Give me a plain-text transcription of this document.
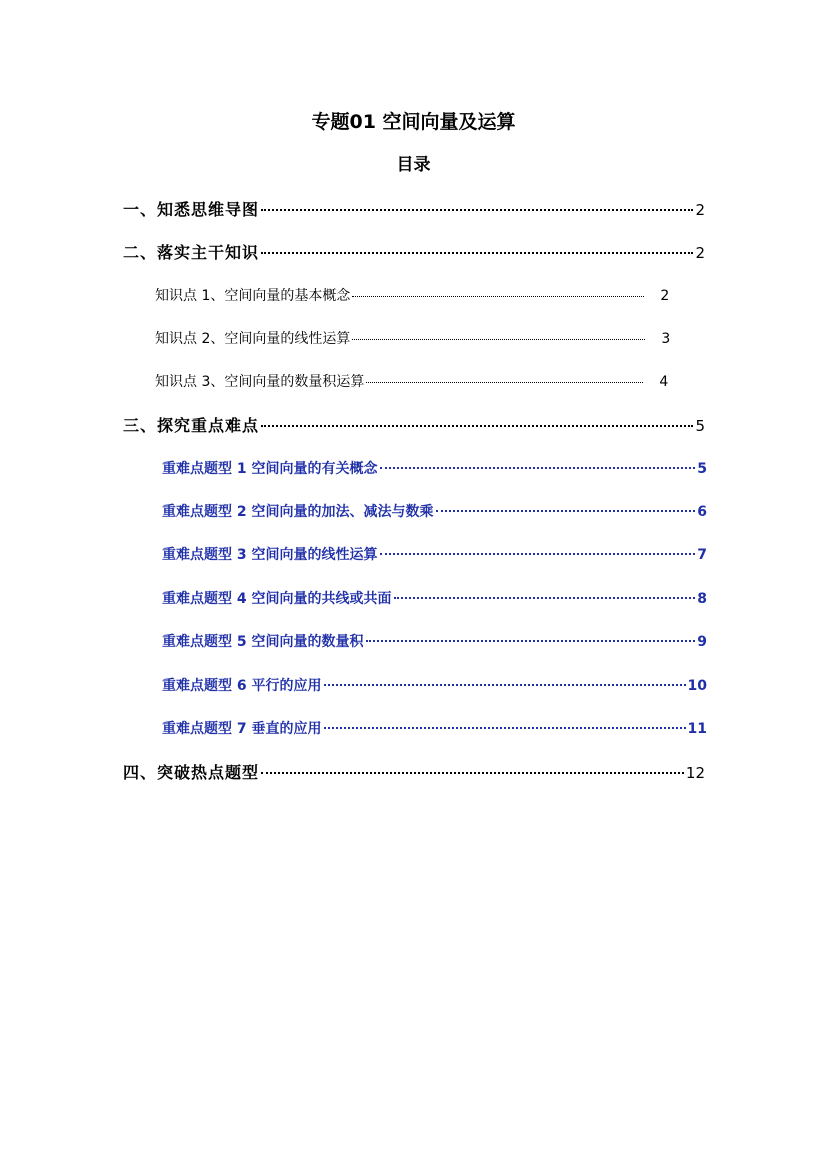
专题01 空间向量及运算
目录
一、知悉思维导图	2
二、落实主干知识	2
知识点 1、空间向量的基本概念	2
知识点 2、空间向量的线性运算	3
知识点 3、空间向量的数量积运算	4
三、探究重点难点	5
重难点题型 1 空间向量的有关概念	5
重难点题型 2 空间向量的加法、减法与数乘	6
重难点题型 3 空间向量的线性运算	7
重难点题型 4 空间向量的共线或共面	8
重难点题型 5 空间向量的数量积	9
重难点题型 6 平行的应用	10
重难点题型 7 垂直的应用	11
四、突破热点题型	12
